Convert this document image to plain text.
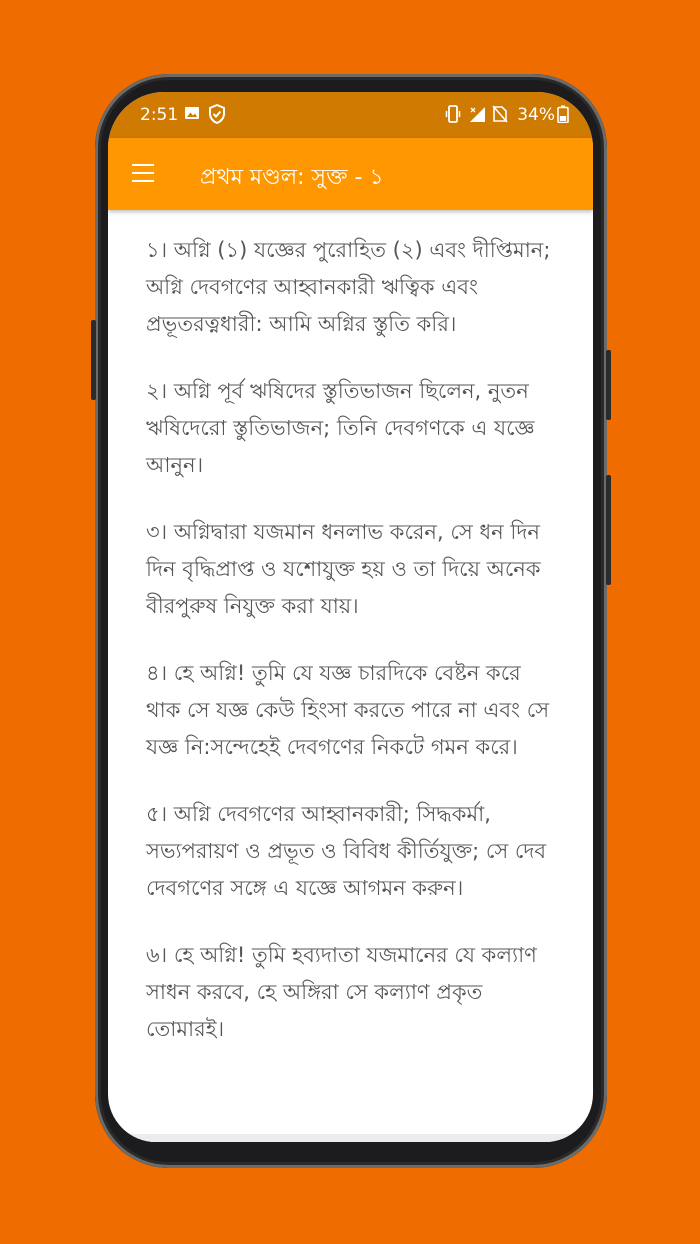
2:51	34%
প্রথম মণ্ডল: সুক্ত - ১

১। অগ্নি (১) যজ্ঞের পুরোহিত (২) এবং দীপ্তিমান; অগ্নি দেবগণের আহ্বানকারী ঋত্বিক এবং প্রভূতরত্নধারী: আমি অগ্নির স্তুতি করি।

২। অগ্নি পূর্ব ঋষিদের স্তুতিভাজন ছিলেন, নুতন ঋষিদেরো স্তুতিভাজন; তিনি দেবগণকে এ যজ্ঞে আনুন।

৩। অগ্নিদ্বারা যজমান ধনলাভ করেন, সে ধন দিন দিন বৃদ্ধিপ্রাপ্ত ও যশোযুক্ত হয় ও তা দিয়ে অনেক বীরপুরুষ নিযুক্ত করা যায়।

৪। হে অগ্নি! তুমি যে যজ্ঞ চারদিকে বেষ্টন করে থাক সে যজ্ঞ কেউ হিংসা করতে পারে না এবং সে যজ্ঞ নি:সন্দেহেই দেবগণের নিকটে গমন করে।

৫। অগ্নি দেবগণের আহ্বানকারী; সিদ্ধকর্মা, সভ্যপরায়ণ ও প্রভূত ও বিবিধ কীর্তিযুক্ত; সে দেব দেবগণের সঙ্গে এ যজ্ঞে আগমন করুন।

৬। হে অগ্নি! তুমি হব্যদাতা যজমানের যে কল্যাণ সাধন করবে, হে অঙ্গিরা সে কল্যাণ প্রকৃত তোমারই।
